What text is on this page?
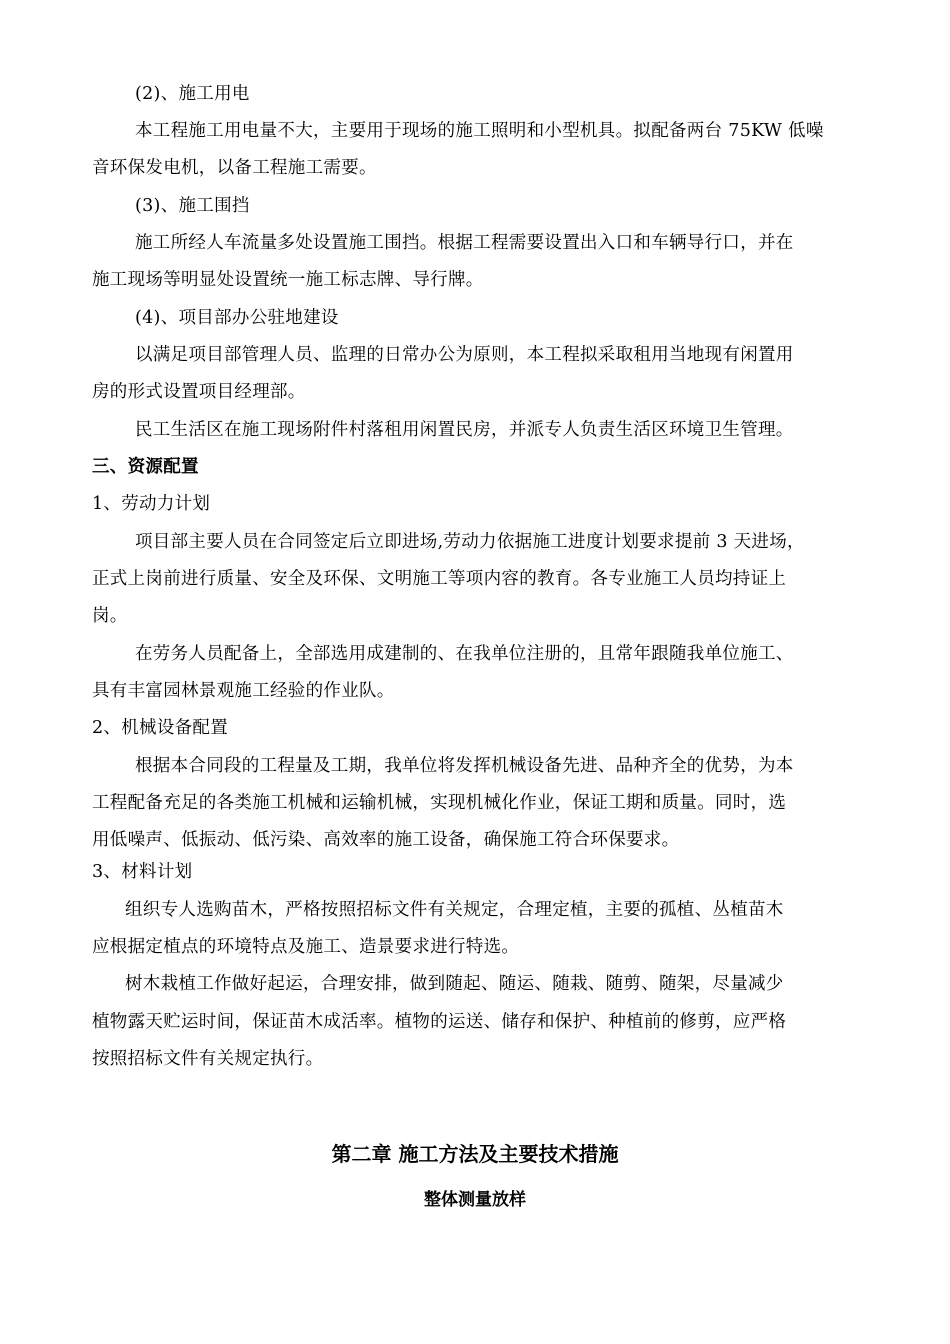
(2)、施工用电
本工程施工用电量不大，主要用于现场的施工照明和小型机具。拟配备两台 75KW 低噪
音环保发电机，以备工程施工需要。
(3)、施工围挡
施工所经人车流量多处设置施工围挡。根据工程需要设置出入口和车辆导行口，并在
施工现场等明显处设置统一施工标志牌、导行牌。
(4)、项目部办公驻地建设
以满足项目部管理人员、监理的日常办公为原则，本工程拟采取租用当地现有闲置用
房的形式设置项目经理部。
民工生活区在施工现场附件村落租用闲置民房，并派专人负责生活区环境卫生管理。
三、资源配置
1、劳动力计划
项目部主要人员在合同签定后立即进场,劳动力依据施工进度计划要求提前 3 天进场，
正式上岗前进行质量、安全及环保、文明施工等项内容的教育。各专业施工人员均持证上
岗。
在劳务人员配备上，全部选用成建制的、在我单位注册的，且常年跟随我单位施工、
具有丰富园林景观施工经验的作业队。
2、机械设备配置
根据本合同段的工程量及工期，我单位将发挥机械设备先进、品种齐全的优势，为本
工程配备充足的各类施工机械和运输机械，实现机械化作业，保证工期和质量。同时，选
用低噪声、低振动、低污染、高效率的施工设备，确保施工符合环保要求。
3、材料计划
组织专人选购苗木，严格按照招标文件有关规定，合理定植，主要的孤植、丛植苗木
应根据定植点的环境特点及施工、造景要求进行特选。
树木栽植工作做好起运，合理安排，做到随起、随运、随栽、随剪、随架，尽量减少
植物露天贮运时间，保证苗木成活率。植物的运送、储存和保护、种植前的修剪，应严格
按照招标文件有关规定执行。
第二章 施工方法及主要技术措施
整体测量放样
